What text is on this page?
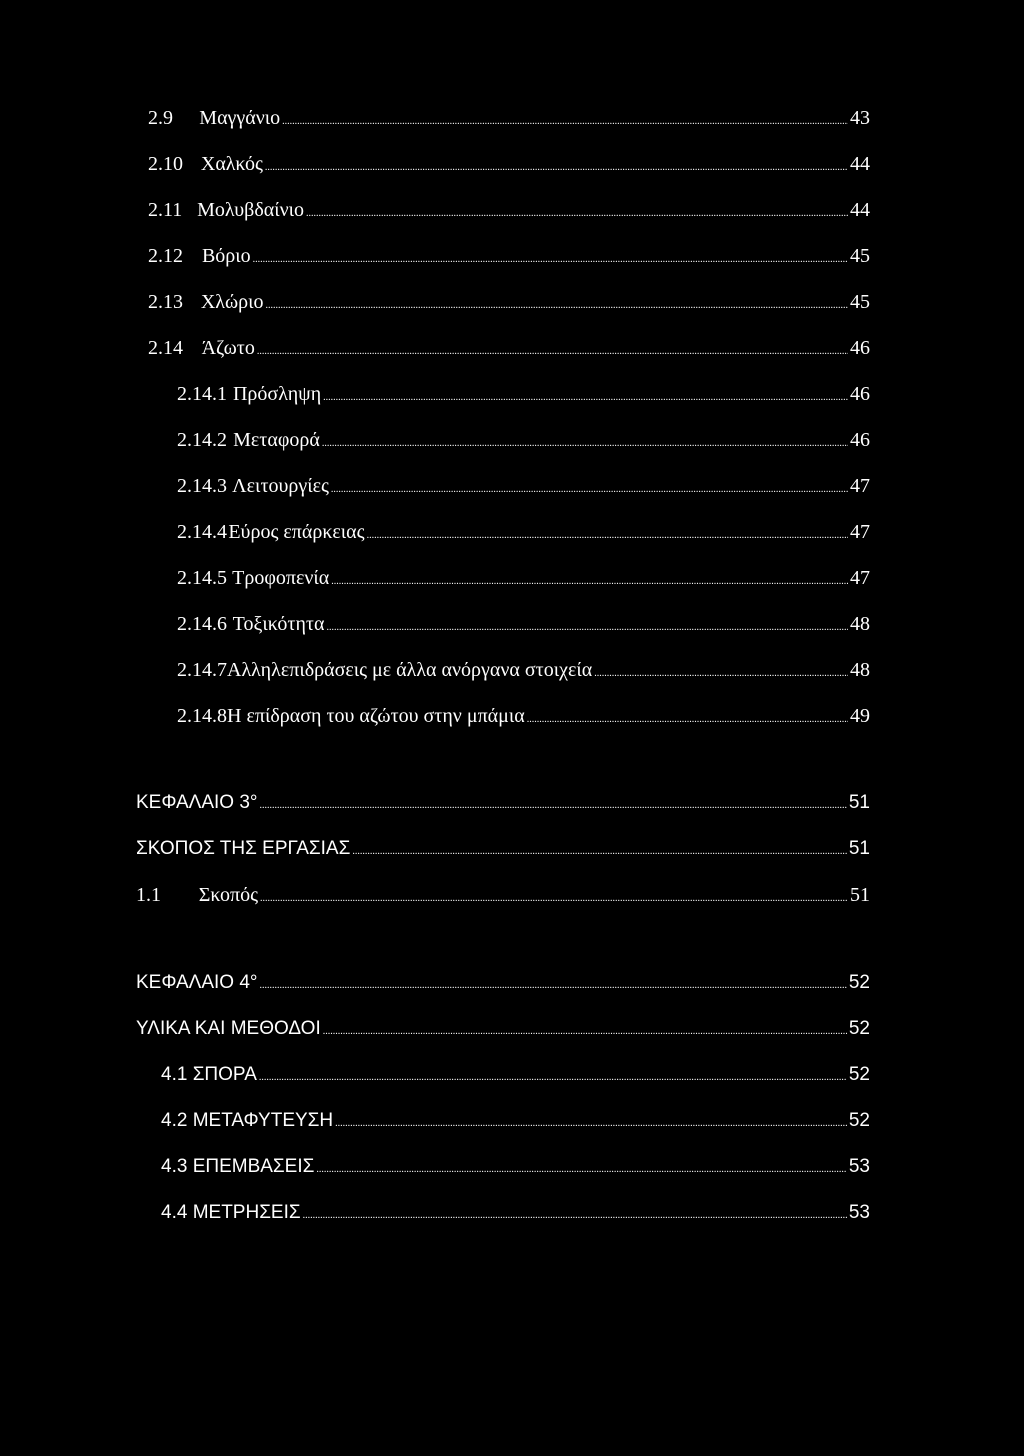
2.9	Μαγγάνιο .....	43
2.10 Χαλκός .....	44
2.11 Μολυβδαίνιο .....	44
2.12 Βόριο .....	45
2.13 Χλώριο .....	45
2.14 Άζωτο .....	46
2.14.1 Πρόσληψη .....	46
2.14.2 Μεταφορά .....	46
2.14.3 Λειτουργίες .....	47
2.14.4 Εύρος επάρκειας .....	47
2.14.5 Τροφοπενία .....	47
2.14.6 Τοξικότητα .....	48
2.14.7 Αλληλεπιδράσεις με άλλα ανόργανα στοιχεία .....	48
2.14.8 Η επίδραση του αζώτου στην μπάμια .....	49
ΚΕΦΑΛΑΙΟ 3° .....	51
ΣΚΟΠΟΣ ΤΗΣ ΕΡΓΑΣΙΑΣ .....	51
1.1	Σκοπός .....	51
ΚΕΦΑΛΑΙΟ 4° .....	52
ΥΛΙΚΑ ΚΑΙ ΜΕΘΟΔΟΙ .....	52
4.1 ΣΠΟΡΑ .....	52
4.2 ΜΕΤΑΦΥΤΕΥΣΗ .....	52
4.3 ΕΠΕΜΒΑΣΕΙΣ .....	53
4.4 ΜΕΤΡΗΣΕΙΣ .....	53
